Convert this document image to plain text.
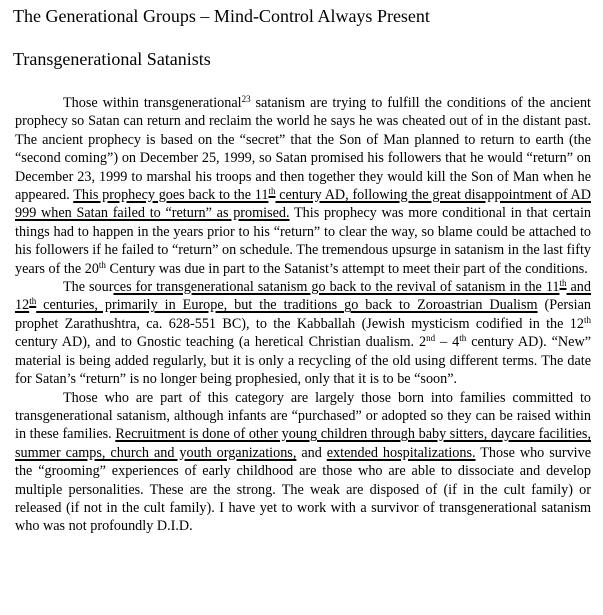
The Generational Groups – Mind-Control Always Present
Transgenerational Satanists

Those within transgenerational$^{23}$ satanism are trying to fulfill the conditions of the ancient prophecy so Satan can return and reclaim the world he says he was cheated out of in the distant past. The ancient prophecy is based on the “secret” that the Son of Man planned to return to earth (the “second coming”) on December 25, 1999, so Satan promised his followers that he would “return” on December 23, 1999 to marshal his troops and then together they would kill the Son of Man when he appeared. This prophecy goes back to the 11th century AD, following the great disappointment of AD 999 when Satan failed to “return” as promised. This prophecy was more conditional in that certain things had to happen in the years prior to his “return” to clear the way, so blame could be attached to his followers if he failed to “return” on schedule. The tremendous upsurge in satanism in the last fifty years of the 20th Century was due in part to the Satanist’s attempt to meet their part of the conditions.

The sources for transgenerational satanism go back to the revival of satanism in the 11th and 12th centuries, primarily in Europe, but the traditions go back to Zoroastrian Dualism (Persian prophet Zarathushtra, ca. 628-551 BC), to the Kabballah (Jewish mysticism codified in the 12th century AD), and to Gnostic teaching (a heretical Christian dualism. 2nd – 4th century AD). “New” material is being added regularly, but it is only a recycling of the old using different terms. The date for Satan’s “return” is no longer being prophesied, only that it is to be “soon”.

Those who are part of this category are largely those born into families committed to transgenerational satanism, although infants are “purchased” or adopted so they can be raised within in these families. Recruitment is done of other young children through baby sitters, daycare facilities, summer camps, church and youth organizations, and extended hospitalizations. Those who survive the “grooming” experiences of early childhood are those who are able to dissociate and develop multiple personalities. These are the strong. The weak are disposed of (if in the cult family) or released (if not in the cult family). I have yet to work with a survivor of transgenerational satanism who was not profoundly D.I.D.
